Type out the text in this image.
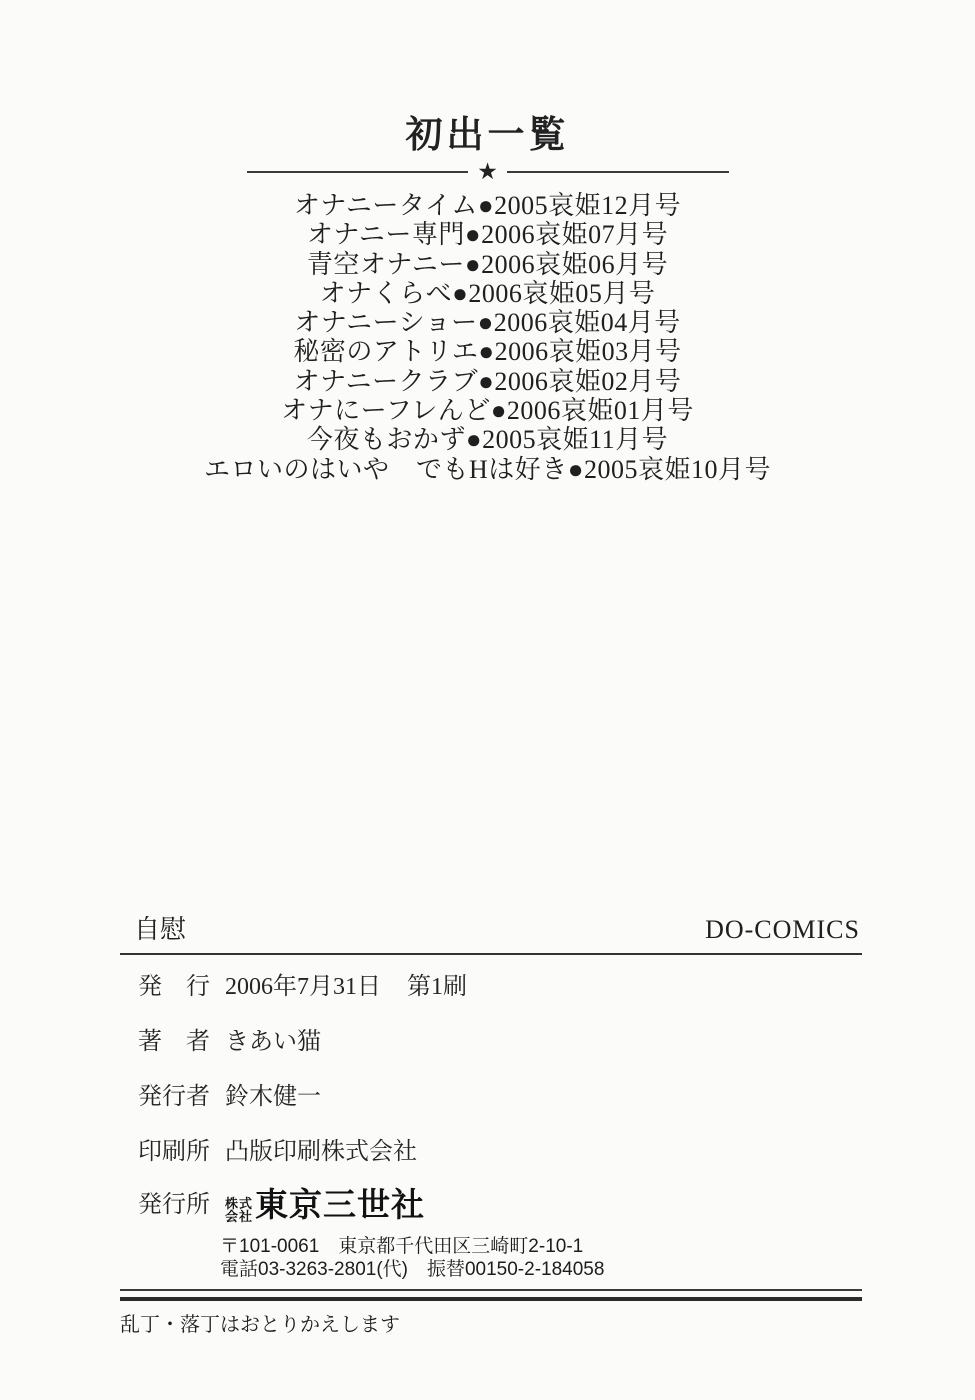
初出一覧
★
オナニータイム●2005哀姫12月号
オナニー専門●2006哀姫07月号
青空オナニー●2006哀姫06月号
オナくらべ●2006哀姫05月号
オナニーショー●2006哀姫04月号
秘密のアトリエ●2006哀姫03月号
オナニークラブ●2006哀姫02月号
オナにーフレんど●2006哀姫01月号
今夜もおかず●2005哀姫11月号
エロいのはいや　でもHは好き●2005哀姫10月号
自慰	DO-COMICS
発　行 2006年7月31日 第1刷
著　者 きあい猫
発行者 鈴木健一
印刷所 凸版印刷株式会社
発行所 株式
会社 東京三世社
〒101-0061　東京都千代田区三崎町2-10-1
電話03-3263-2801(代)　振替00150-2-184058
乱丁・落丁はおとりかえします
